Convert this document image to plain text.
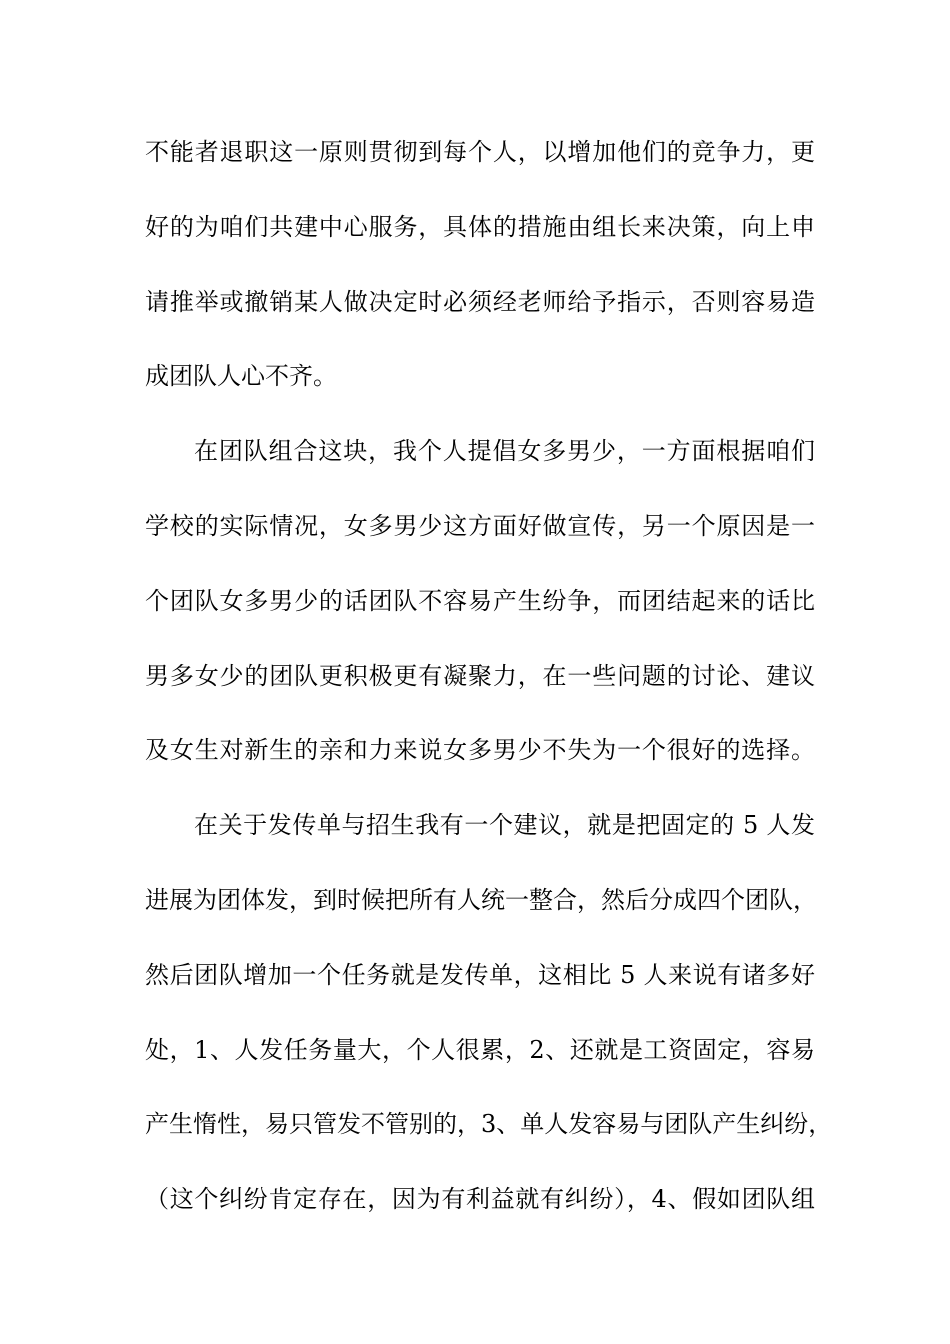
不能者退职这一原则贯彻到每个人，以增加他们的竞争力，更
好的为咱们共建中心服务，具体的措施由组长来决策，向上申
请推举或撤销某人做决定时必须经老师给予指示，否则容易造
成团队人心不齐。
在团队组合这块，我个人提倡女多男少，一方面根据咱们
学校的实际情况，女多男少这方面好做宣传，另一个原因是一
个团队女多男少的话团队不容易产生纷争，而团结起来的话比
男多女少的团队更积极更有凝聚力，在一些问题的讨论、建议
及女生对新生的亲和力来说女多男少不失为一个很好的选择。
在关于发传单与招生我有一个建议，就是把固定的 5 人发
进展为团体发，到时候把所有人统一整合，然后分成四个团队，
然后团队增加一个任务就是发传单，这相比 5 人来说有诸多好
处，1、人发任务量大，个人很累，2、还就是工资固定，容易
产生惰性，易只管发不管别的，3、单人发容易与团队产生纠纷，
（这个纠纷肯定存在，因为有利益就有纠纷），4、假如团队组
